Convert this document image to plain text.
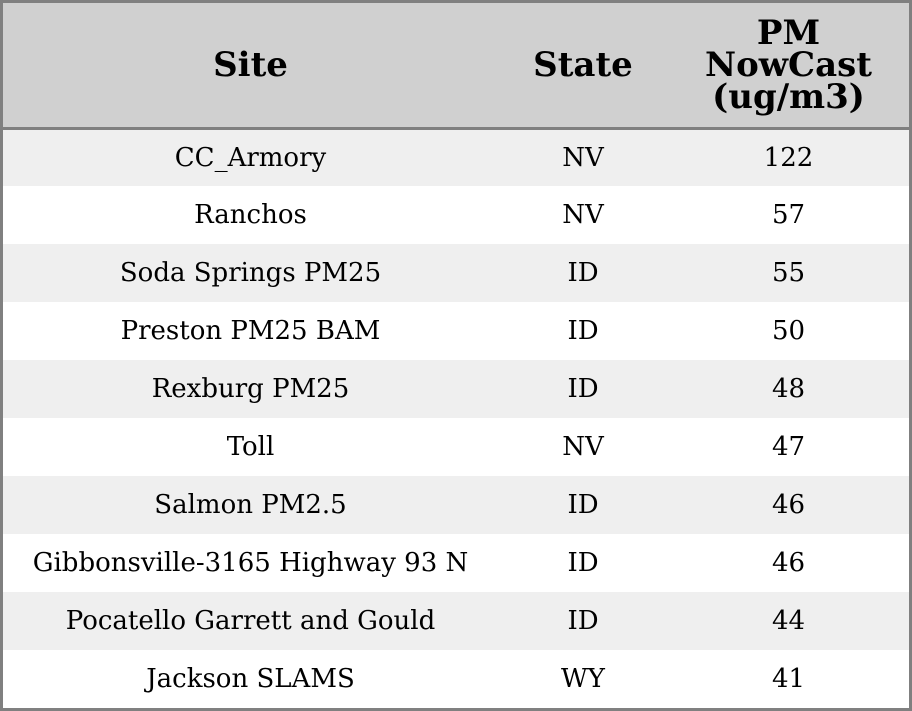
Site	State	PM
NowCast
(ug/m3)
CC_Armory	NV	122
Ranchos	NV	57
Soda Springs PM25	ID	55
Preston PM25 BAM	ID	50
Rexburg PM25	ID	48
Toll	NV	47
Salmon PM2.5	ID	46
Gibbonsville-3165 Highway 93 N	ID	46
Pocatello Garrett and Gould	ID	44
Jackson SLAMS	WY	41
